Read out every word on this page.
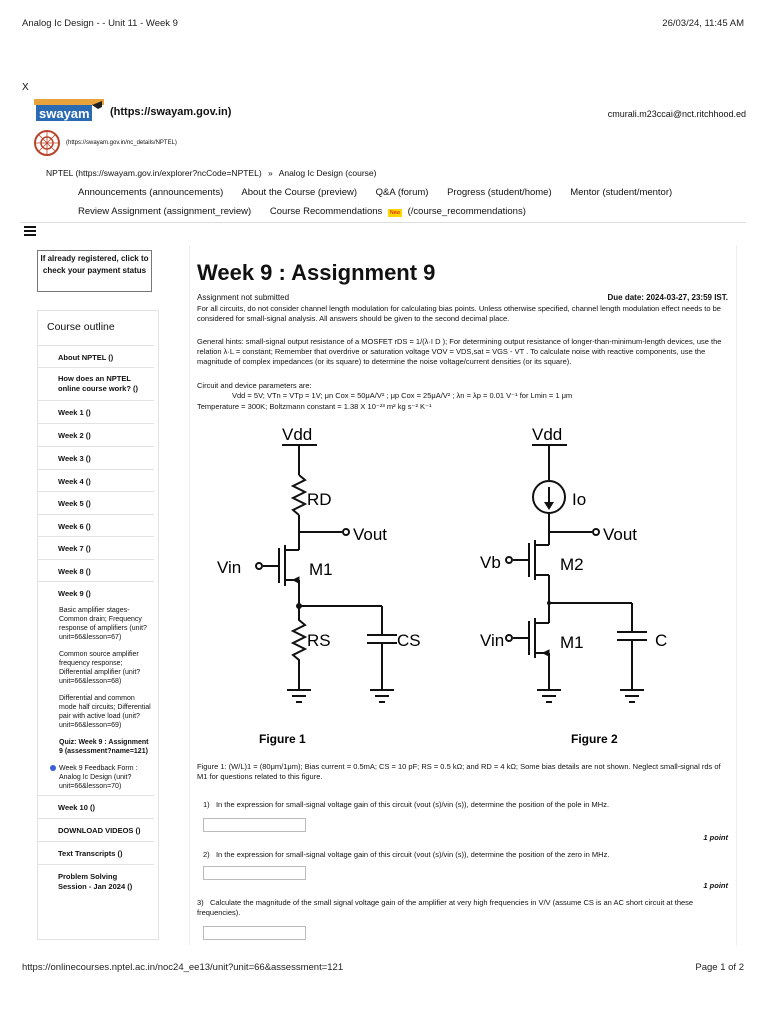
Analog Ic Design - - Unit 11 - Week 9	26/03/24, 11:45 AM
X
swayam (https://swayam.gov.in)	cmurali.m23ccai@nct.ritchhood.ed
(https://swayam.gov.in/nc_details/NPTEL)
NPTEL (https://swayam.gov.in/explorer?ncCode=NPTEL) » Analog Ic Design (course)
Announcements (announcements) About the Course (preview) Q&A (forum) Progress (student/home) Mentor (student/mentor)
Review Assignment (assignment_review) Course Recommendations New (/course_recommendations)
If already registered, click to check your payment status
Course outline
About NPTEL ()
How does an NPTEL online course work? ()
Week 1 ()
Week 2 ()
Week 3 ()
Week 4 ()
Week 5 ()
Week 6 ()
Week 7 ()
Week 8 ()
Week 9 ()
Basic amplifier stages-Common drain; Frequency response of amplifiers (unit?unit=66&lesson=67)
Common source amplifier frequency response; Differential amplifier (unit?unit=66&lesson=68)
Differential and common mode half circuits; Differential pair with active load (unit?unit=66&lesson=69)
Quiz: Week 9 : Assignment 9 (assessment?name=121)
Week 9 Feedback Form : Analog Ic Design (unit?unit=66&lesson=70)
Week 10 ()
DOWNLOAD VIDEOS ()
Text Transcripts ()
Problem Solving Session - Jan 2024 ()
Week 9 : Assignment 9
Assignment not submitted	Due date: 2024-03-27, 23:59 IST.
For all circuits, do not consider channel length modulation for calculating bias points. Unless otherwise specified, channel length modulation effect needs to be considered for small-signal analysis. All answers should be given to the second decimal place.
General hints: small-signal output resistance of a MOSFET rDS = 1/(λ·I D ); For determining output resistance of longer-than-minimum-length devices, use the relation λ·L = constant; Remember that overdrive or saturation voltage VOV = VDS,sat = VGS - VT . To calculate noise with reactive components, use the magnitude of complex impedances (or its square) to determine the noise voltage/current densities (or its square).
Circuit and device parameters are:
Vdd = 5V; VTn = VTp = 1V; μn Cox = 50μA/V² ; μp Cox = 25μA/V² ; λn = λp = 0.01 V⁻¹ for Lmin = 1 μm
Temperature = 300K; Boltzmann constant = 1.38 X 10⁻²³ m² kg s⁻² K⁻¹
Vdd
RD
Vout
Vin	M1
RS	CS
Figure 1
Vdd
Io
Vout
Vb	M2
Vin	M1	C
Figure 2
Figure 1: (W/L)1 = (80μm/1μm); Bias current = 0.5mA; CS = 10 pF; RS = 0.5 kΩ; and RD = 4 kΩ; Some bias details are not shown. Neglect small-signal rds of M1 for questions related to this figure.
1) In the expression for small-signal voltage gain of this circuit (vout (s)/vin (s)), determine the position of the pole in MHz.
1 point
2) In the expression for small-signal voltage gain of this circuit (vout (s)/vin (s)), determine the position of the zero in MHz.
1 point
3) Calculate the magnitude of the small signal voltage gain of the amplifier at very high frequencies in V/V (assume CS is an AC short circuit at these frequencies).
https://onlinecourses.nptel.ac.in/noc24_ee13/unit?unit=66&assessment=121	Page 1 of 2
